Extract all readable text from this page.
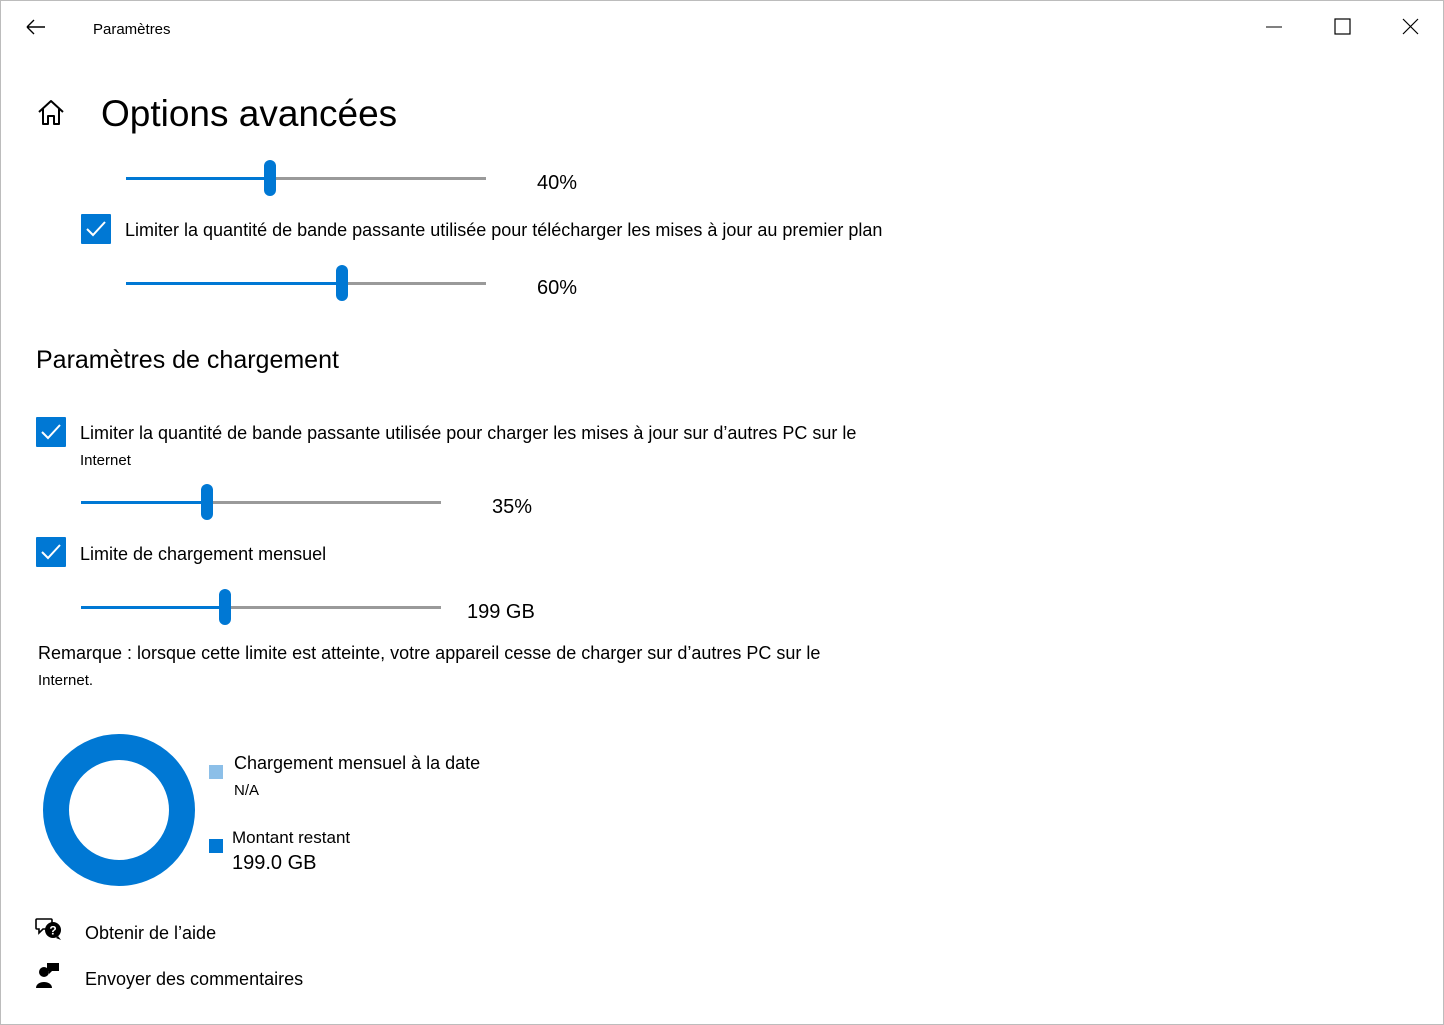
Paramètres
Options avancées
40%
Limiter la quantité de bande passante utilisée pour télécharger les mises à jour au premier plan
60%
Paramètres de chargement
Limiter la quantité de bande passante utilisée pour charger les mises à jour sur d’autres PC sur le
Internet
35%
Limite de chargement mensuel
199 GB
Remarque : lorsque cette limite est atteinte, votre appareil cesse de charger sur d’autres PC sur le
Internet.
Chargement mensuel à la date
N/A
Montant restant
199.0 GB
? Obtenir de l’aide
Envoyer des commentaires
